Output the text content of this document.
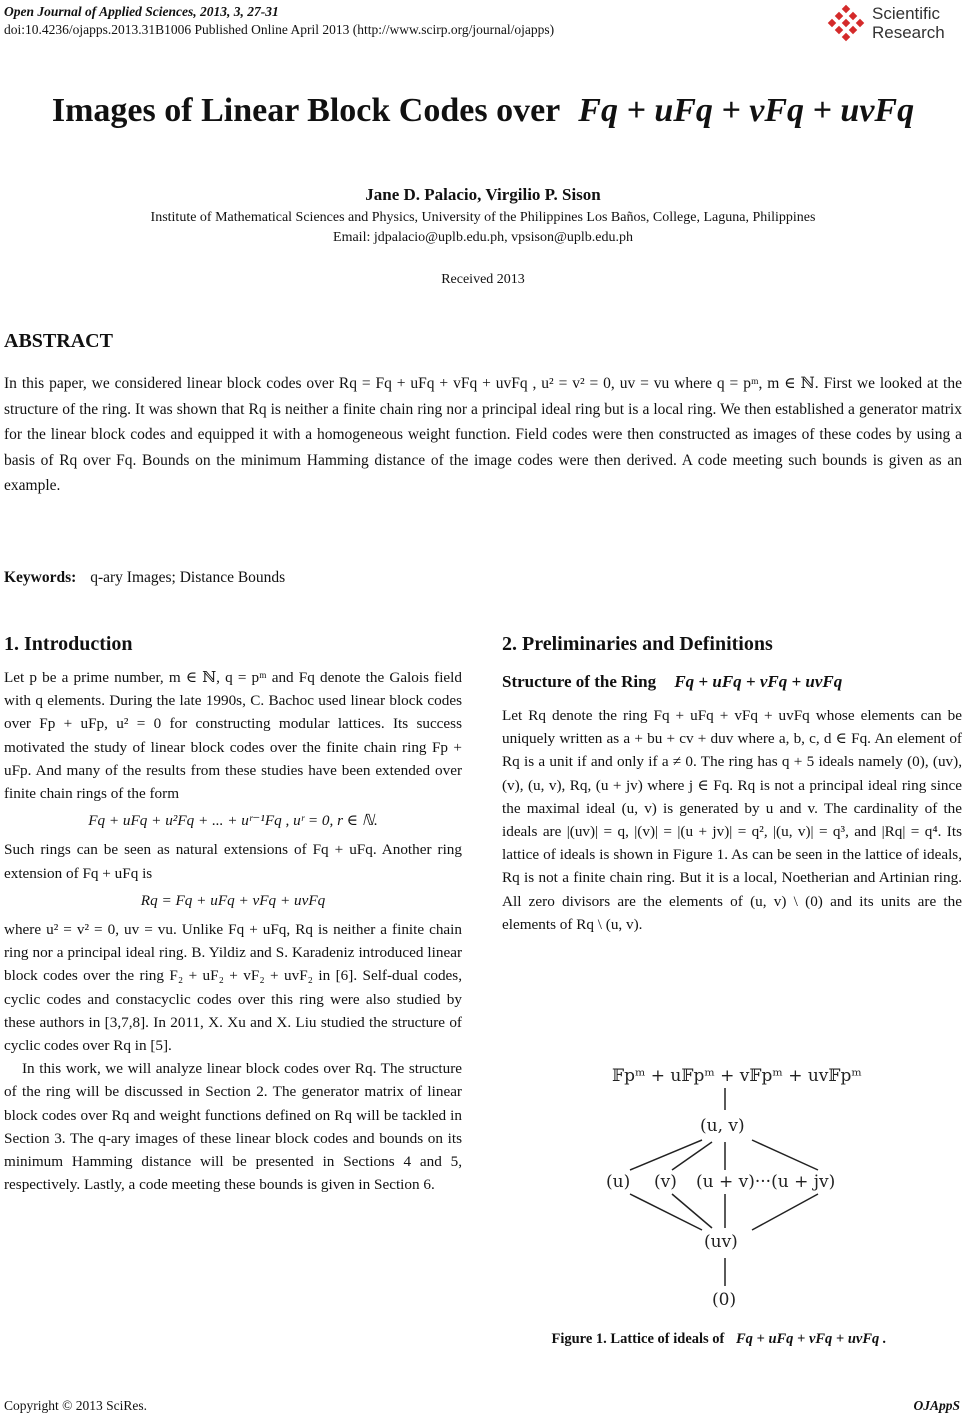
Open Journal of Applied Sciences, 2013, 3, 27-31
doi:10.4236/ojapps.2013.31B1006 Published Online April 2013 (http://www.scirp.org/journal/ojapps)
Scientific
Research
Images of Linear Block Codes over Fq + uFq + vFq + uvFq
Jane D. Palacio, Virgilio P. Sison
Institute of Mathematical Sciences and Physics, University of the Philippines Los Baños, College, Laguna, Philippines
Email: jdpalacio@uplb.edu.ph, vpsison@uplb.edu.ph
Received 2013
ABSTRACT
In this paper, we considered linear block codes over Rq = Fq + uFq + vFq + uvFq , u² = v² = 0, uv = vu where q = pᵐ, m ∈ ℕ. First we looked at the structure of the ring. It was shown that Rq is neither a finite chain ring nor a principal ideal ring but is a local ring. We then established a generator matrix for the linear block codes and equipped it with a homogeneous weight function. Field codes were then constructed as images of these codes by using a basis of Rq over Fq. Bounds on the minimum Hamming distance of the image codes were then derived. A code meeting such bounds is given as an example.
Keywords: q-ary Images; Distance Bounds
1. Introduction

Let p be a prime number, m ∈ ℕ, q = pᵐ and Fq denote the Galois field with q elements. During the late 1990s, C. Bachoc used linear block codes over Fp + uFp, u² = 0 for constructing modular lattices. Its success motivated the study of linear block codes over the finite chain ring Fp + uFp. And many of the results from these studies have been extended over finite chain rings of the form

Fq + uFq + u²Fq + ... + uʳ⁻¹Fq , uʳ = 0, r ∈ ℕ.

Such rings can be seen as natural extensions of Fq + uFq. Another ring extension of Fq + uFq is

Rq = Fq + uFq + vFq + uvFq

where u² = v² = 0, uv = vu. Unlike Fq + uFq, Rq is neither a finite chain ring nor a principal ideal ring. B. Yildiz and S. Karadeniz introduced linear block codes over the ring F₂ + uF₂ + vF₂ + uvF₂ in [6]. Self-dual codes, cyclic codes and constacyclic codes over this ring were also studied by these authors in [3,7,8]. In 2011, X. Xu and X. Liu studied the structure of cyclic codes over Rq in [5].

In this work, we will analyze linear block codes over Rq. The structure of the ring will be discussed in Section 2. The generator matrix of linear block codes over Rq and weight functions defined on Rq will be tackled in Section 3. The q-ary images of these linear block codes and bounds on its minimum Hamming distance will be presented in Sections 4 and 5, respectively. Lastly, a code meeting these bounds is given in Section 6.

2. Preliminaries and Definitions
Structure of the Ring Fq + uFq + vFq + uvFq

Let Rq denote the ring Fq + uFq + vFq + uvFq whose elements can be uniquely written as a + bu + cv + duv where a, b, c, d ∈ Fq. An element of Rq is a unit if and only if a ≠ 0. The ring has q + 5 ideals namely (0), (uv), (v), (u, v), Rq, (u + jv) where j ∈ Fq. Rq is not a principal ideal ring since the maximal ideal (u, v) is generated by u and v. The cardinality of the ideals are |(uv)| = q, |(v)| = |(u + jv)| = q², |(u, v)| = q³, and |Rq| = q⁴. Its lattice of ideals is shown in Figure 1. As can be seen in the lattice of ideals, Rq is not a finite chain ring. But it is a local, Noetherian and Artinian ring. All zero divisors are the elements of (u, v) \ (0) and its units are the elements of Rq \ (u, v).

𝔽pᵐ + u𝔽pᵐ + v𝔽pᵐ + uv𝔽pᵐ
(u, v)
(u) (v) (u + v)···(u + jv)
(uv)
(0)
Figure 1. Lattice of ideals of Fq + uFq + vFq + uvFq .
Copyright © 2013 SciRes.	OJAppS
